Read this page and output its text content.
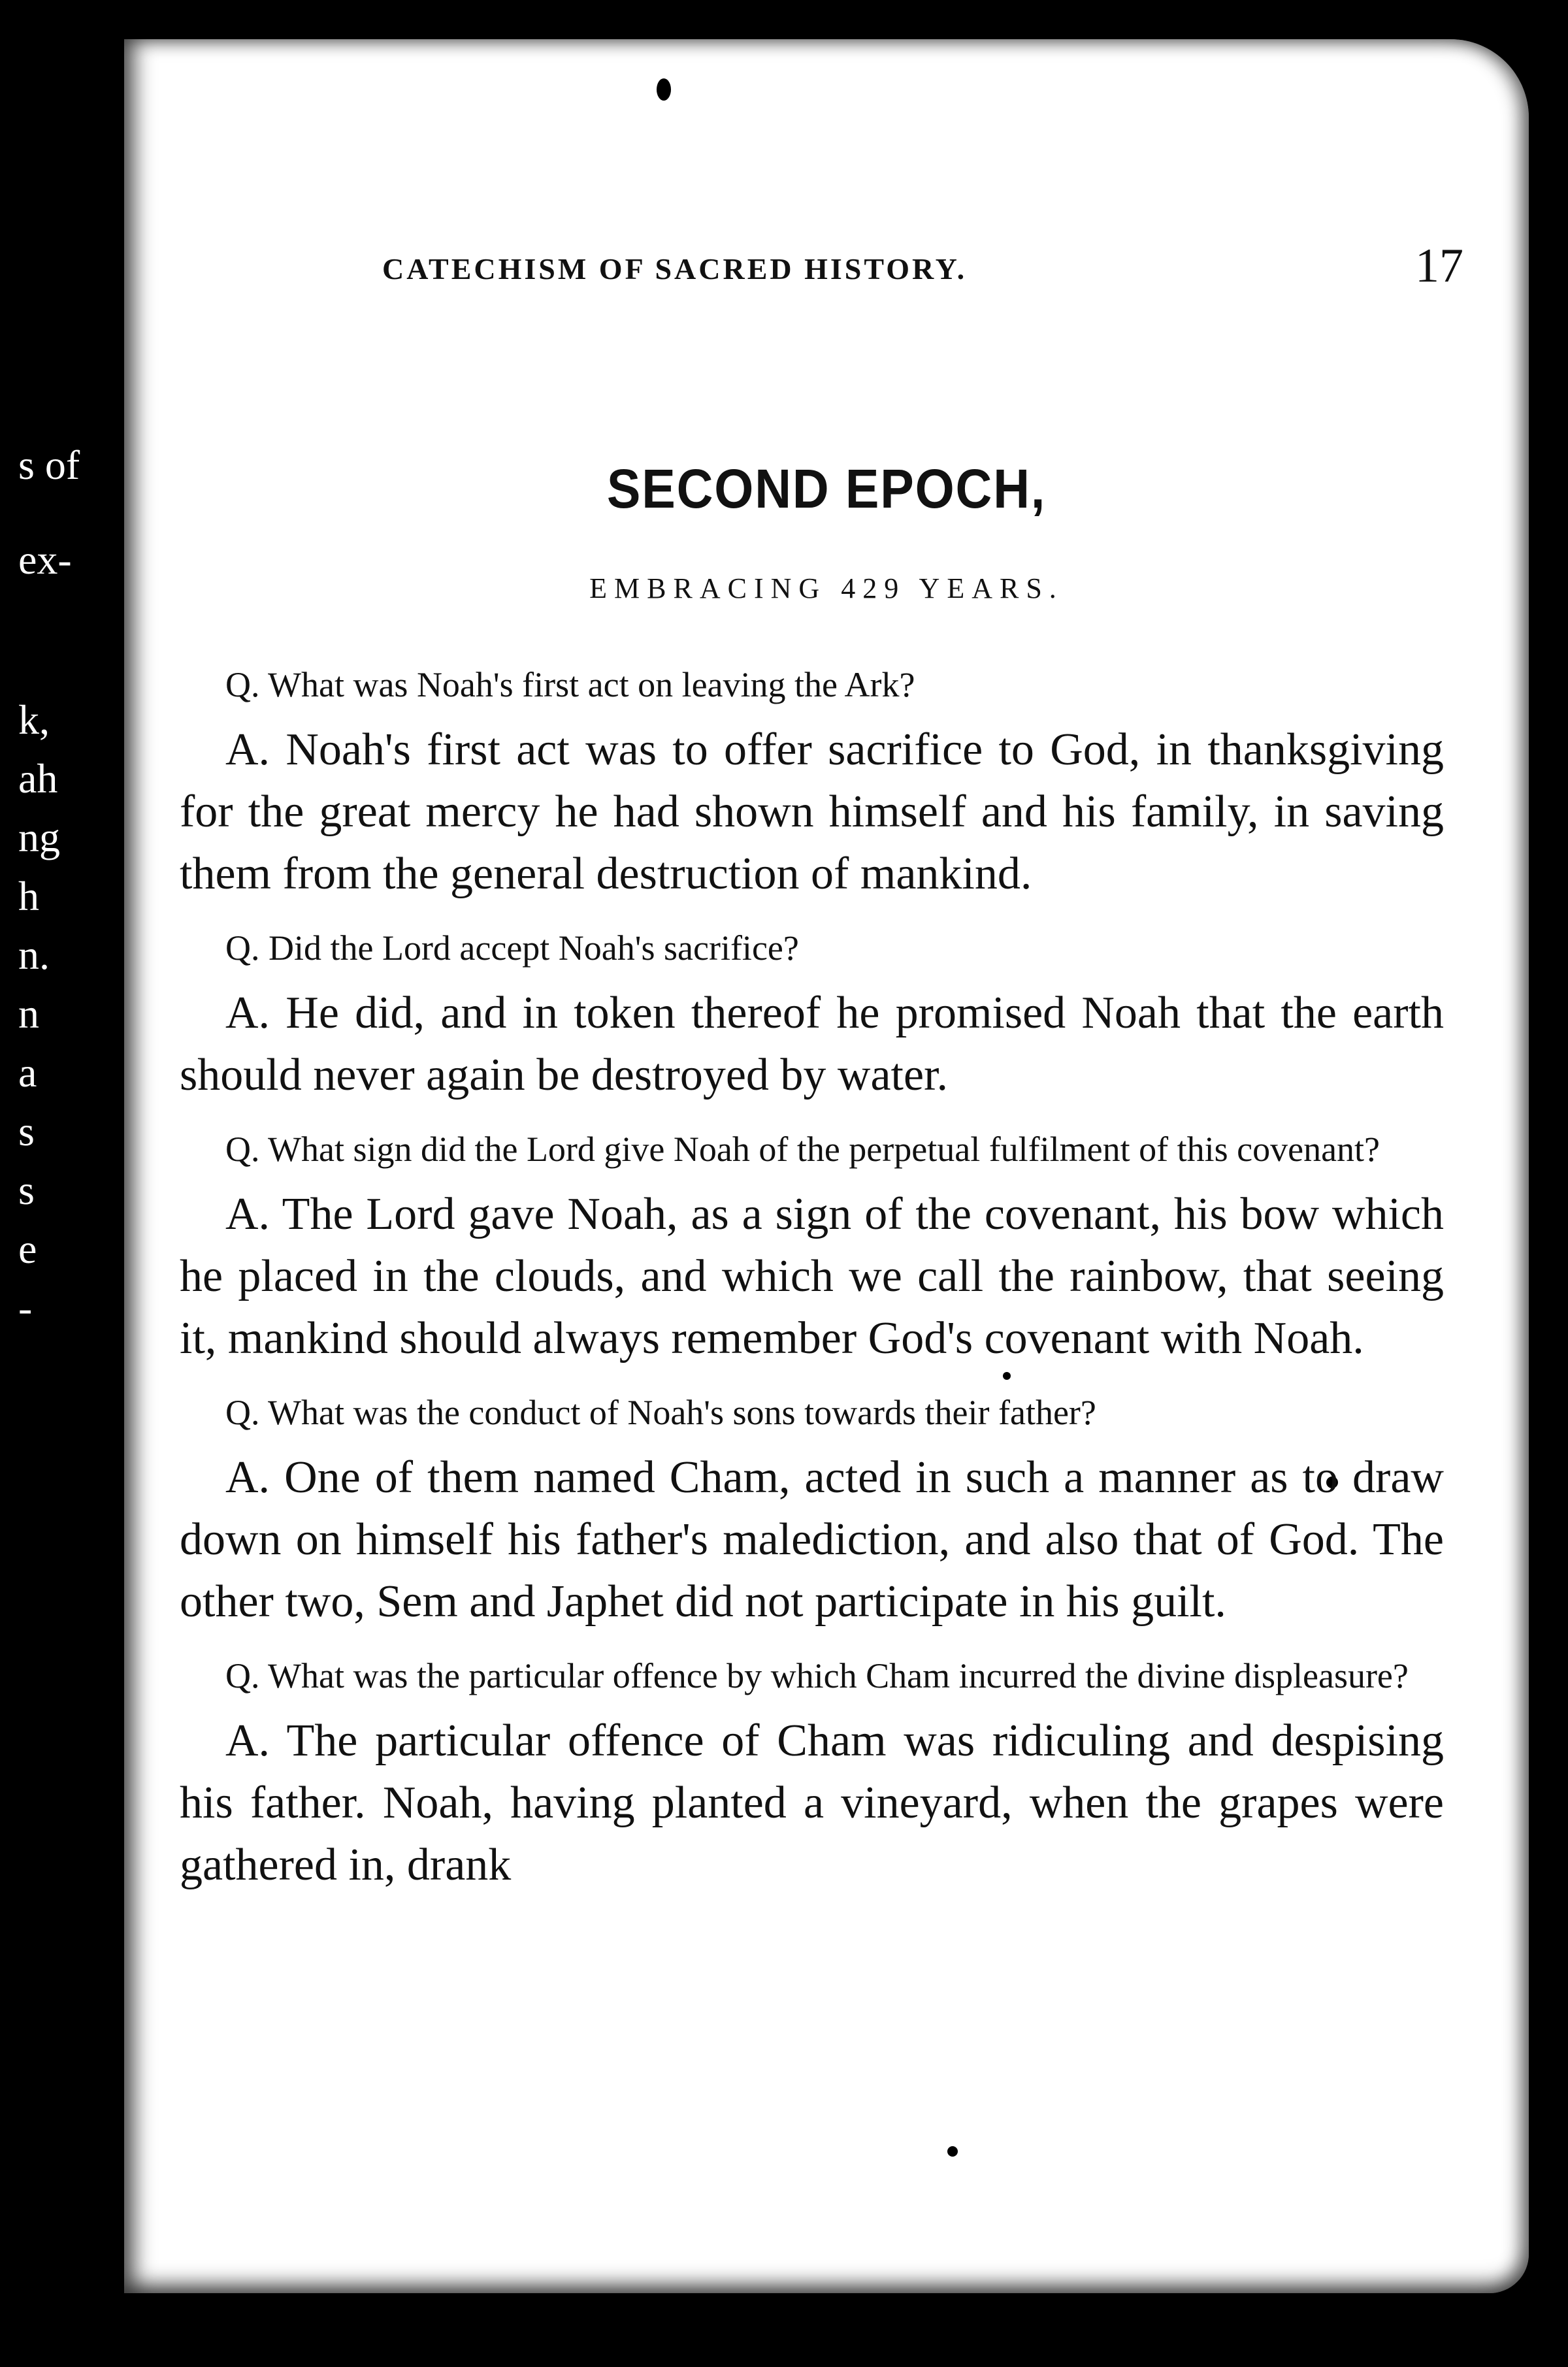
s of
ex-
k,
ah
ng
h
n.
n
a
s
s
e
-
CATECHISM OF SACRED HISTORY.	17
SECOND EPOCH,
EMBRACING 429 YEARS.

Q. What was Noah's first act on leaving the Ark?

A. Noah's first act was to offer sacrifice to God, in thanksgiving for the great mercy he had shown himself and his family, in saving them from the general destruction of mankind.

Q. Did the Lord accept Noah's sacrifice?

A. He did, and in token thereof he promised Noah that the earth should never again be destroyed by water.

Q. What sign did the Lord give Noah of the perpetual fulfilment of this covenant?

A. The Lord gave Noah, as a sign of the covenant, his bow which he placed in the clouds, and which we call the rainbow, that seeing it, mankind should always remember God's covenant with Noah.

Q. What was the conduct of Noah's sons towards their father?

A. One of them named Cham, acted in such a manner as to draw down on himself his father's malediction, and also that of God. The other two, Sem and Japhet did not participate in his guilt.

Q. What was the particular offence by which Cham incurred the divine displeasure?

A. The particular offence of Cham was ridiculing and despising his father. Noah, having planted a vineyard, when the grapes were gathered in, drank
